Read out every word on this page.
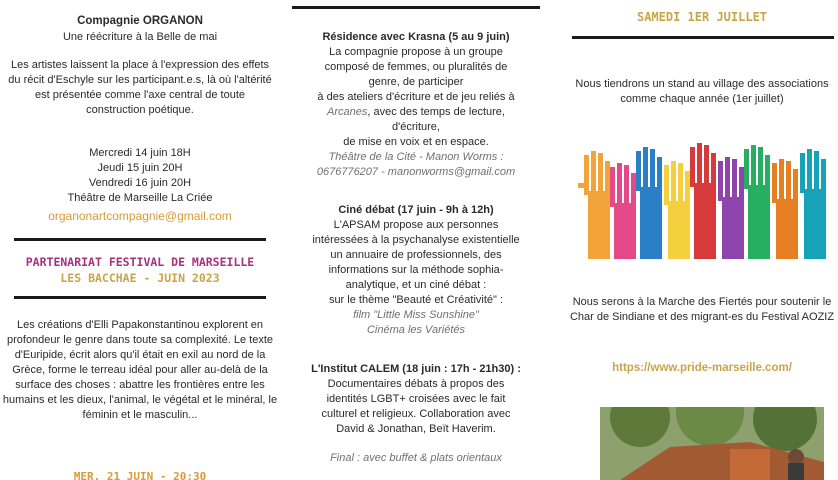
Compagnie ORGANON
Une réécriture à la Belle de mai
Les artistes laissent la place à l'expression des effets du récit d'Eschyle sur les participant.e.s, là où l'altérité est présentée comme l'axe central de toute construction poétique.
Mercredi 14 juin 18H
Jeudi 15 juin 20H
Vendredi 16 juin 20H
Théâtre de Marseille La Criée
organonartcompagnie@gmail.com
PARTENARIAT FESTIVAL DE MARSEILLE
LES BACCHAE - JUIN 2023
Les créations d'Elli Papakonstantinou explorent en profondeur le genre dans toute sa complexité. Le texte d'Euripide, écrit alors qu'il était en exil au nord de la Grèce, forme le terreau idéal pour aller au-delà de la surface des choses : abattre les frontières entre les humains et les dieux, l'animal, le végétal et le minéral, le féminin et le masculin...
MER. 21 JUIN - 20:30
Résidence avec Krasna (5 au 9 juin)
La compagnie propose à un groupe
composé de femmes, ou pluralités de
genre, de participer
à des ateliers d'écriture et de jeu reliés à
Arcanes, avec des temps de lecture,
d'écriture,
de mise en voix et en espace.
Théâtre de la Cité - Manon Worms :
0676776207 - manonworms@gmail.com
Ciné débat (17 juin - 9h à 12h)
L'APSAM propose aux personnes
intéressées à la psychanalyse existentielle
un annuaire de professionnels, des
informations sur la méthode sophia-
analytique, et un ciné débat :
sur le thème "Beauté et Créativité" :
film "Little Miss Sunshine"
Cinéma les Variétés
L'Institut CALEM (18 juin : 17h - 21h30) :
Documentaires débats à propos des
identités LGBT+ croisées avec le fait
culturel et religieux. Collaboration avec
David & Jonathan, Beït Haverim.
Final : avec buffet & plats orientaux
SAMEDI 1ER JUILLET
Nous tiendrons un stand au village des associations comme chaque année (1er juillet)
Nous serons à la Marche des Fiertés pour soutenir le Char de Sindiane et des migrant-es du Festival AOZIZ
https://www.pride-marseille.com/
